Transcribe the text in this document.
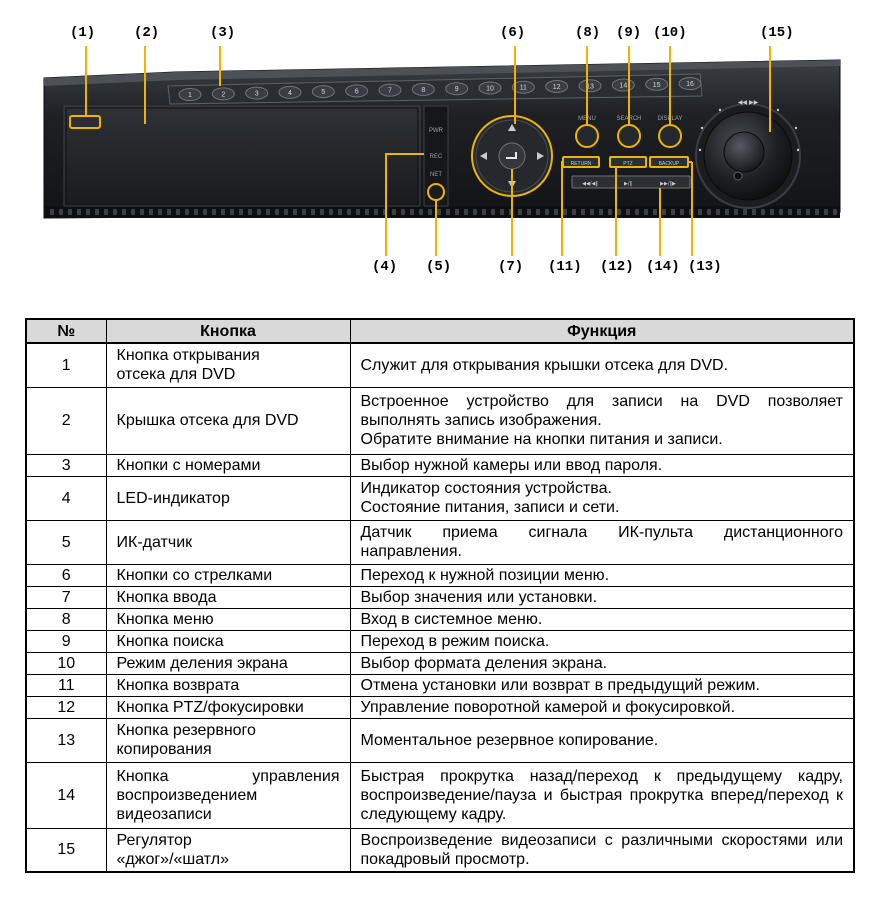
(1)	(2)	(3)	(6)	(8) (9) (10)	(15)
(4) (5)	(7) (11) (12) (14) (13)
1	2	3	4	5	6	7	8	9	10	11	12	13	14	15	16
PWR
REC
NET
MENU	SEARCH	DISPLAY
RETURN	PTZ	BACKUP
◀◀/◀‖	▶/‖	▶▶/‖▶
◀◀ ▶▶
№	Кнопка	Функция
1	Кнопка открывания
отсека для DVD	Служит для открывания крышки отсека для DVD.

2	Крышка отсека для DVD	Встроенное устройство для записи на DVD позволяет выполнять запись изображения.
Обратите внимание на кнопки питания и записи.

3	Кнопки с номерами	Выбор нужной камеры или ввод пароля.

4	LED-индикатор	Индикатор состояния устройства.
Состояние питания, записи и сети.

5	ИК-датчик	Датчик приема сигнала ИК-пульта дистанционного направления.

6	Кнопки со стрелками	Переход к нужной позиции меню.

7	Кнопка ввода	Выбор значения или установки.

8	Кнопка меню	Вход в системное меню.

9	Кнопка поиска	Переход в режим поиска.

10	Режим деления экрана	Выбор формата деления экрана.

11	Кнопка возврата	Отмена установки или возврат в предыдущий режим.

12	Кнопка PTZ/фокусировки	Управление поворотной камерой и фокусировкой.

13	Кнопка резервного
копирования	Моментальное резервное копирование.

14	Кнопка управления воспроизведением видеозаписи	Быстрая прокрутка назад/переход к предыдущему кадру, воспроизведение/пауза и быстрая прокрутка вперед/переход к следующему кадру.

15	Регулятор
«джог»/«шатл»	Воспроизведение видеозаписи с различными скоростями или покадровый просмотр.
